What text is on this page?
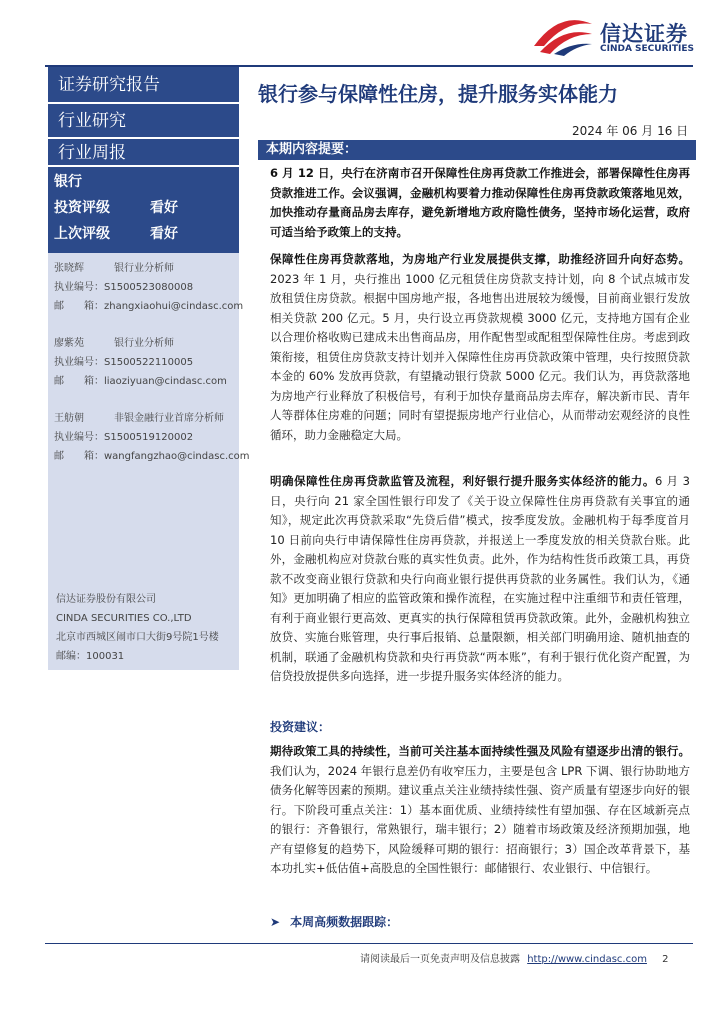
信达证券
CINDA SECURITIES
证券研究报告
行业研究
行业周报
银行
投资评级	看好
上次评级	看好
张晓辉	银行业分析师
执业编号：S1500523080008
邮　　箱：zhangxiaohui@cindasc.com
廖紫苑	银行业分析师
执业编号：S1500522110005
邮　　箱：liaoziyuan@cindasc.com
王舫朝	非银金融行业首席分析师
执业编号：S1500519120002
邮　　箱：wangfangzhao@cindasc.com
信达证券股份有限公司
CINDA SECURITIES CO.,LTD
北京市西城区闹市口大街9号院1号楼
邮编：100031
银行参与保障性住房，提升服务实体能力
2024 年 06 月 16 日
本期内容提要：
6 月 12 日，央行在济南市召开保障性住房再贷款工作推进会，部署保障性住房再贷款推进工作。会议强调，金融机构要着力推动保障性住房再贷款政策落地见效，加快推动存量商品房去库存，避免新增地方政府隐性债务，坚持市场化运营，政府可适当给予政策上的支持。
保障性住房再贷款落地，为房地产行业发展提供支撑，助推经济回升向好态势。2023 年 1 月，央行推出 1000 亿元租赁住房贷款支持计划，向 8 个试点城市发放租赁住房贷款。根据中国房地产报，各地售出进展较为缓慢，目前商业银行发放相关贷款 200 亿元。5 月，央行设立再贷款规模 3000 亿元，支持地方国有企业以合理价格收购已建成未出售商品房，用作配售型或配租型保障性住房。考虑到政策衔接，租赁住房贷款支持计划并入保障性住房再贷款政策中管理，央行按照贷款本金的 60% 发放再贷款，有望撬动银行贷款 5000 亿元。我们认为，再贷款落地为房地产行业释放了积极信号，有利于加快存量商品房去库存，解决新市民、青年人等群体住房难的问题；同时有望提振房地产行业信心，从而带动宏观经济的良性循环，助力金融稳定大局。
明确保障性住房再贷款监管及流程，利好银行提升服务实体经济的能力。6 月 3 日，央行向 21 家全国性银行印发了《关于设立保障性住房再贷款有关事宜的通知》，规定此次再贷款采取“先贷后借”模式，按季度发放。金融机构于每季度首月 10 日前向央行申请保障性住房再贷款，并报送上一季度发放的相关贷款台账。此外，金融机构应对贷款台账的真实性负责。此外，作为结构性货币政策工具，再贷款不改变商业银行贷款和央行向商业银行提供再贷款的业务属性。我们认为，《通知》更加明确了相应的监管政策和操作流程，在实施过程中注重细节和责任管理，有利于商业银行更高效、更真实的执行保障租赁再贷款政策。此外，金融机构独立放贷、实施台账管理，央行事后报销、总量限额，相关部门明确用途、随机抽查的机制，联通了金融机构贷款和央行再贷款“两本账”，有利于银行优化资产配置，为信贷投放提供多向选择，进一步提升服务实体经济的能力。
投资建议：
期待政策工具的持续性，当前可关注基本面持续性强及风险有望逐步出清的银行。我们认为，2024 年银行息差仍有收窄压力，主要是包含 LPR 下调、银行协助地方债务化解等因素的预期。建议重点关注业绩持续性强、资产质量有望逐步向好的银行。下阶段可重点关注：1）基本面优质、业绩持续性有望加强、存在区域新亮点的银行：齐鲁银行，常熟银行，瑞丰银行；2）随着市场政策及经济预期加强，地产有望修复的趋势下，风险缓释可期的银行：招商银行；3）国企改革背景下，基本功扎实+低估值+高股息的全国性银行：邮储银行、农业银行、中信银行。
➤ 本周高频数据跟踪：
请阅读最后一页免责声明及信息披露 http://www.cindasc.com 2
